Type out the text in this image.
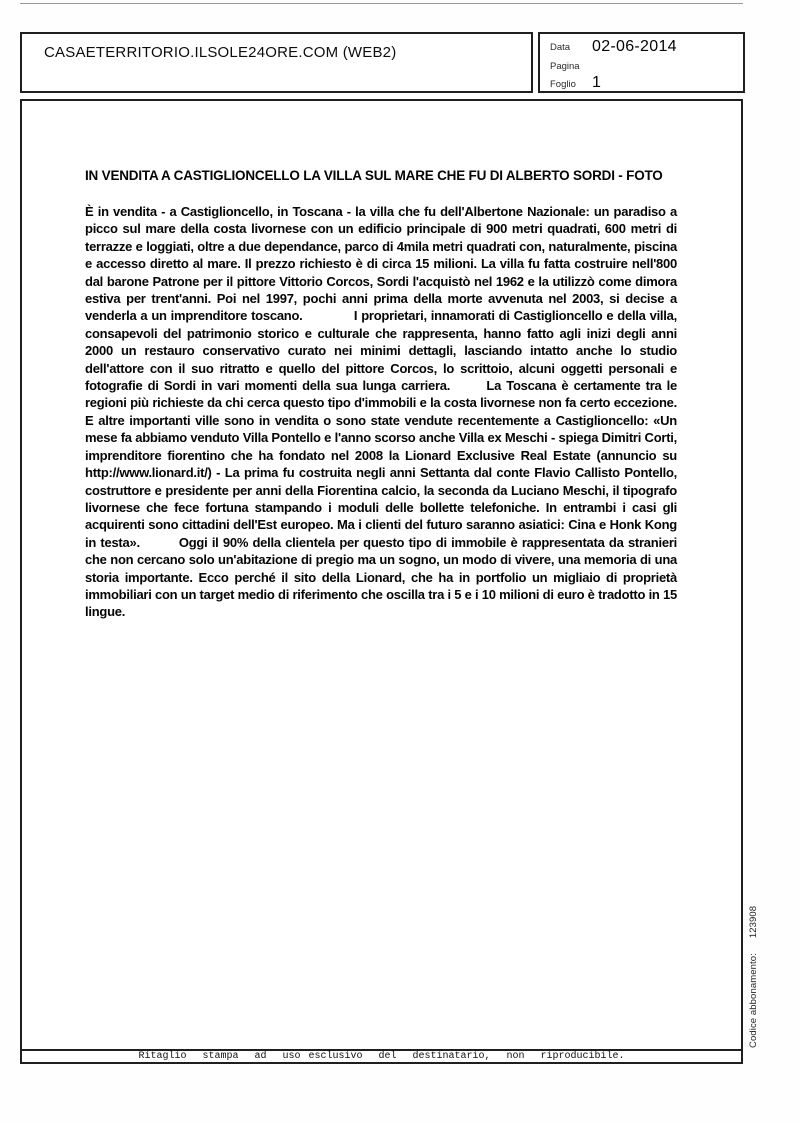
CASAETERRITORIO.ILSOLE24ORE.COM (WEB2)	Data 02-06-2014
Pagina
Foglio 1
IN VENDITA A CASTIGLIONCELLO LA VILLA SUL MARE CHE FU DI ALBERTO SORDI - FOTO
È in vendita - a Castiglioncello, in Toscana - la villa che fu dell'Albertone Nazionale: un paradiso a picco sul mare della costa livornese con un edificio principale di 900 metri quadrati, 600 metri di terrazze e loggiati, oltre a due dependance, parco di 4mila metri quadrati con, naturalmente, piscina e accesso diretto al mare. Il prezzo richiesto è di circa 15 milioni. La villa fu fatta costruire nell'800 dal barone Patrone per il pittore Vittorio Corcos, Sordi l'acquistò nel 1962 e la utilizzò come dimora estiva per trent'anni. Poi nel 1997, pochi anni prima della morte avvenuta nel 2003, si decise a venderla a un imprenditore toscano.             I proprietari, innamorati di Castiglioncello e della villa, consapevoli del patrimonio storico e culturale che rappresenta, hanno fatto agli inizi degli anni 2000 un restauro conservativo curato nei minimi dettagli, lasciando intatto anche lo studio dell'attore con il suo ritratto e quello del pittore Corcos, lo scrittoio, alcuni oggetti personali e fotografie di Sordi in vari momenti della sua lunga carriera.       La Toscana è certamente tra le regioni più richieste da chi cerca questo tipo d'immobili e la costa livornese non fa certo eccezione. E altre importanti ville sono in vendita o sono state vendute recentemente a Castiglioncello: «Un mese fa abbiamo venduto Villa Pontello e l'anno scorso anche Villa ex Meschi - spiega Dimitri Corti, imprenditore fiorentino che ha fondato nel 2008 la Lionard Exclusive Real Estate (annuncio su http://www.lionard.it/) - La prima fu costruita negli anni Settanta dal conte Flavio Callisto Pontello, costruttore e presidente per anni della Fiorentina calcio, la seconda da Luciano Meschi, il tipografo livornese che fece fortuna stampando i moduli delle bollette telefoniche. In entrambi i casi gli acquirenti sono cittadini dell'Est europeo. Ma i clienti del futuro saranno asiatici: Cina e Honk Kong in testa».         Oggi il 90% della clientela per questo tipo di immobile è rappresentata da stranieri che non cercano solo un'abitazione di pregio ma un sogno, un modo di vivere, una memoria di una storia importante. Ecco perché il sito della Lionard, che ha in portfolio un migliaio di proprietà immobiliari con un target medio di riferimento che oscilla tra i 5 e i 10 milioni di euro è tradotto in 15 lingue.
Ritaglio  stampa  ad  uso esclusivo  del  destinatario,  non  riproducibile.
Codice abbonamento:
123908
